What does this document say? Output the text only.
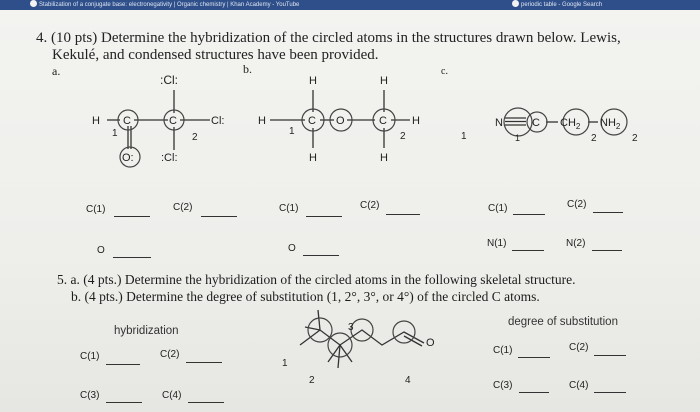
Stabilization of a conjugate base: electronegativity | Organic chemistry | Khan Academy - YouTube	periodic table - Google Search
4. (10 pts) Determine the hybridization of the circled atoms in the structures drawn below. Lewis,
Kekulé, and condensed structures have been provided.
a.	b.	c.
H C	C
:Cl:
Cl:
:Cl:
O:
1	2
H
H	H
C O	C H
H	H
1	2
N	C $CH_2$ $NH_2$
1	1	2	2
C(1)	C(2)	C(1)	C(2)	C(1)	C(2)
O	O	N(1)	N(2)
5. a. (4 pts.) Determine the hybridization of the circled atoms in the following skeletal structure.
b. (4 pts.) Determine the degree of substitution (1, 2°, 3°, or 4°) of the circled C atoms.
hybridization
degree of substitution
C(1)	C(2)
C(3)	C(4)
C(1)	C(2)
C(3)	C(4)
1
2
3
4
O
